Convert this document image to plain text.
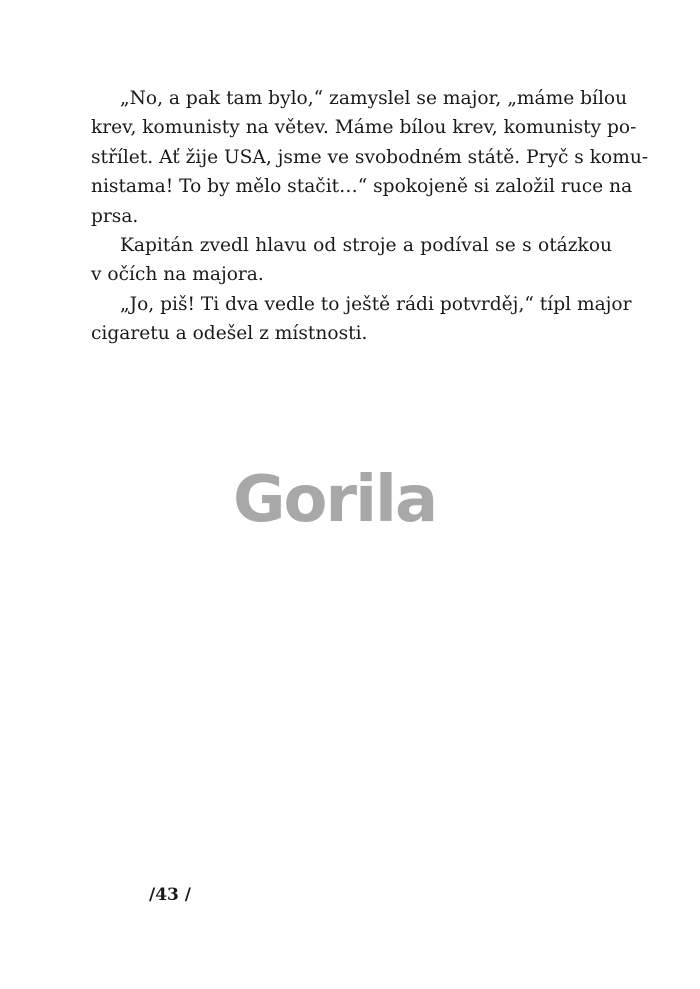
„No, a pak tam bylo,“ zamyslel se major, „máme bílou
krev, komunisty na větev. Máme bílou krev, komunisty po-
střílet. Ať žije USA, jsme ve svobodném státě. Pryč s komu-
nistama! To by mělo stačit…“ spokojeně si založil ruce na
prsa.
Kapitán zvedl hlavu od stroje a podíval se s otázkou
v očích na majora.
„Jo, piš! Ti dva vedle to ještě rádi potvrděj,“ típl major
cigaretu a odešel z místnosti.
Gorila
/43 /
